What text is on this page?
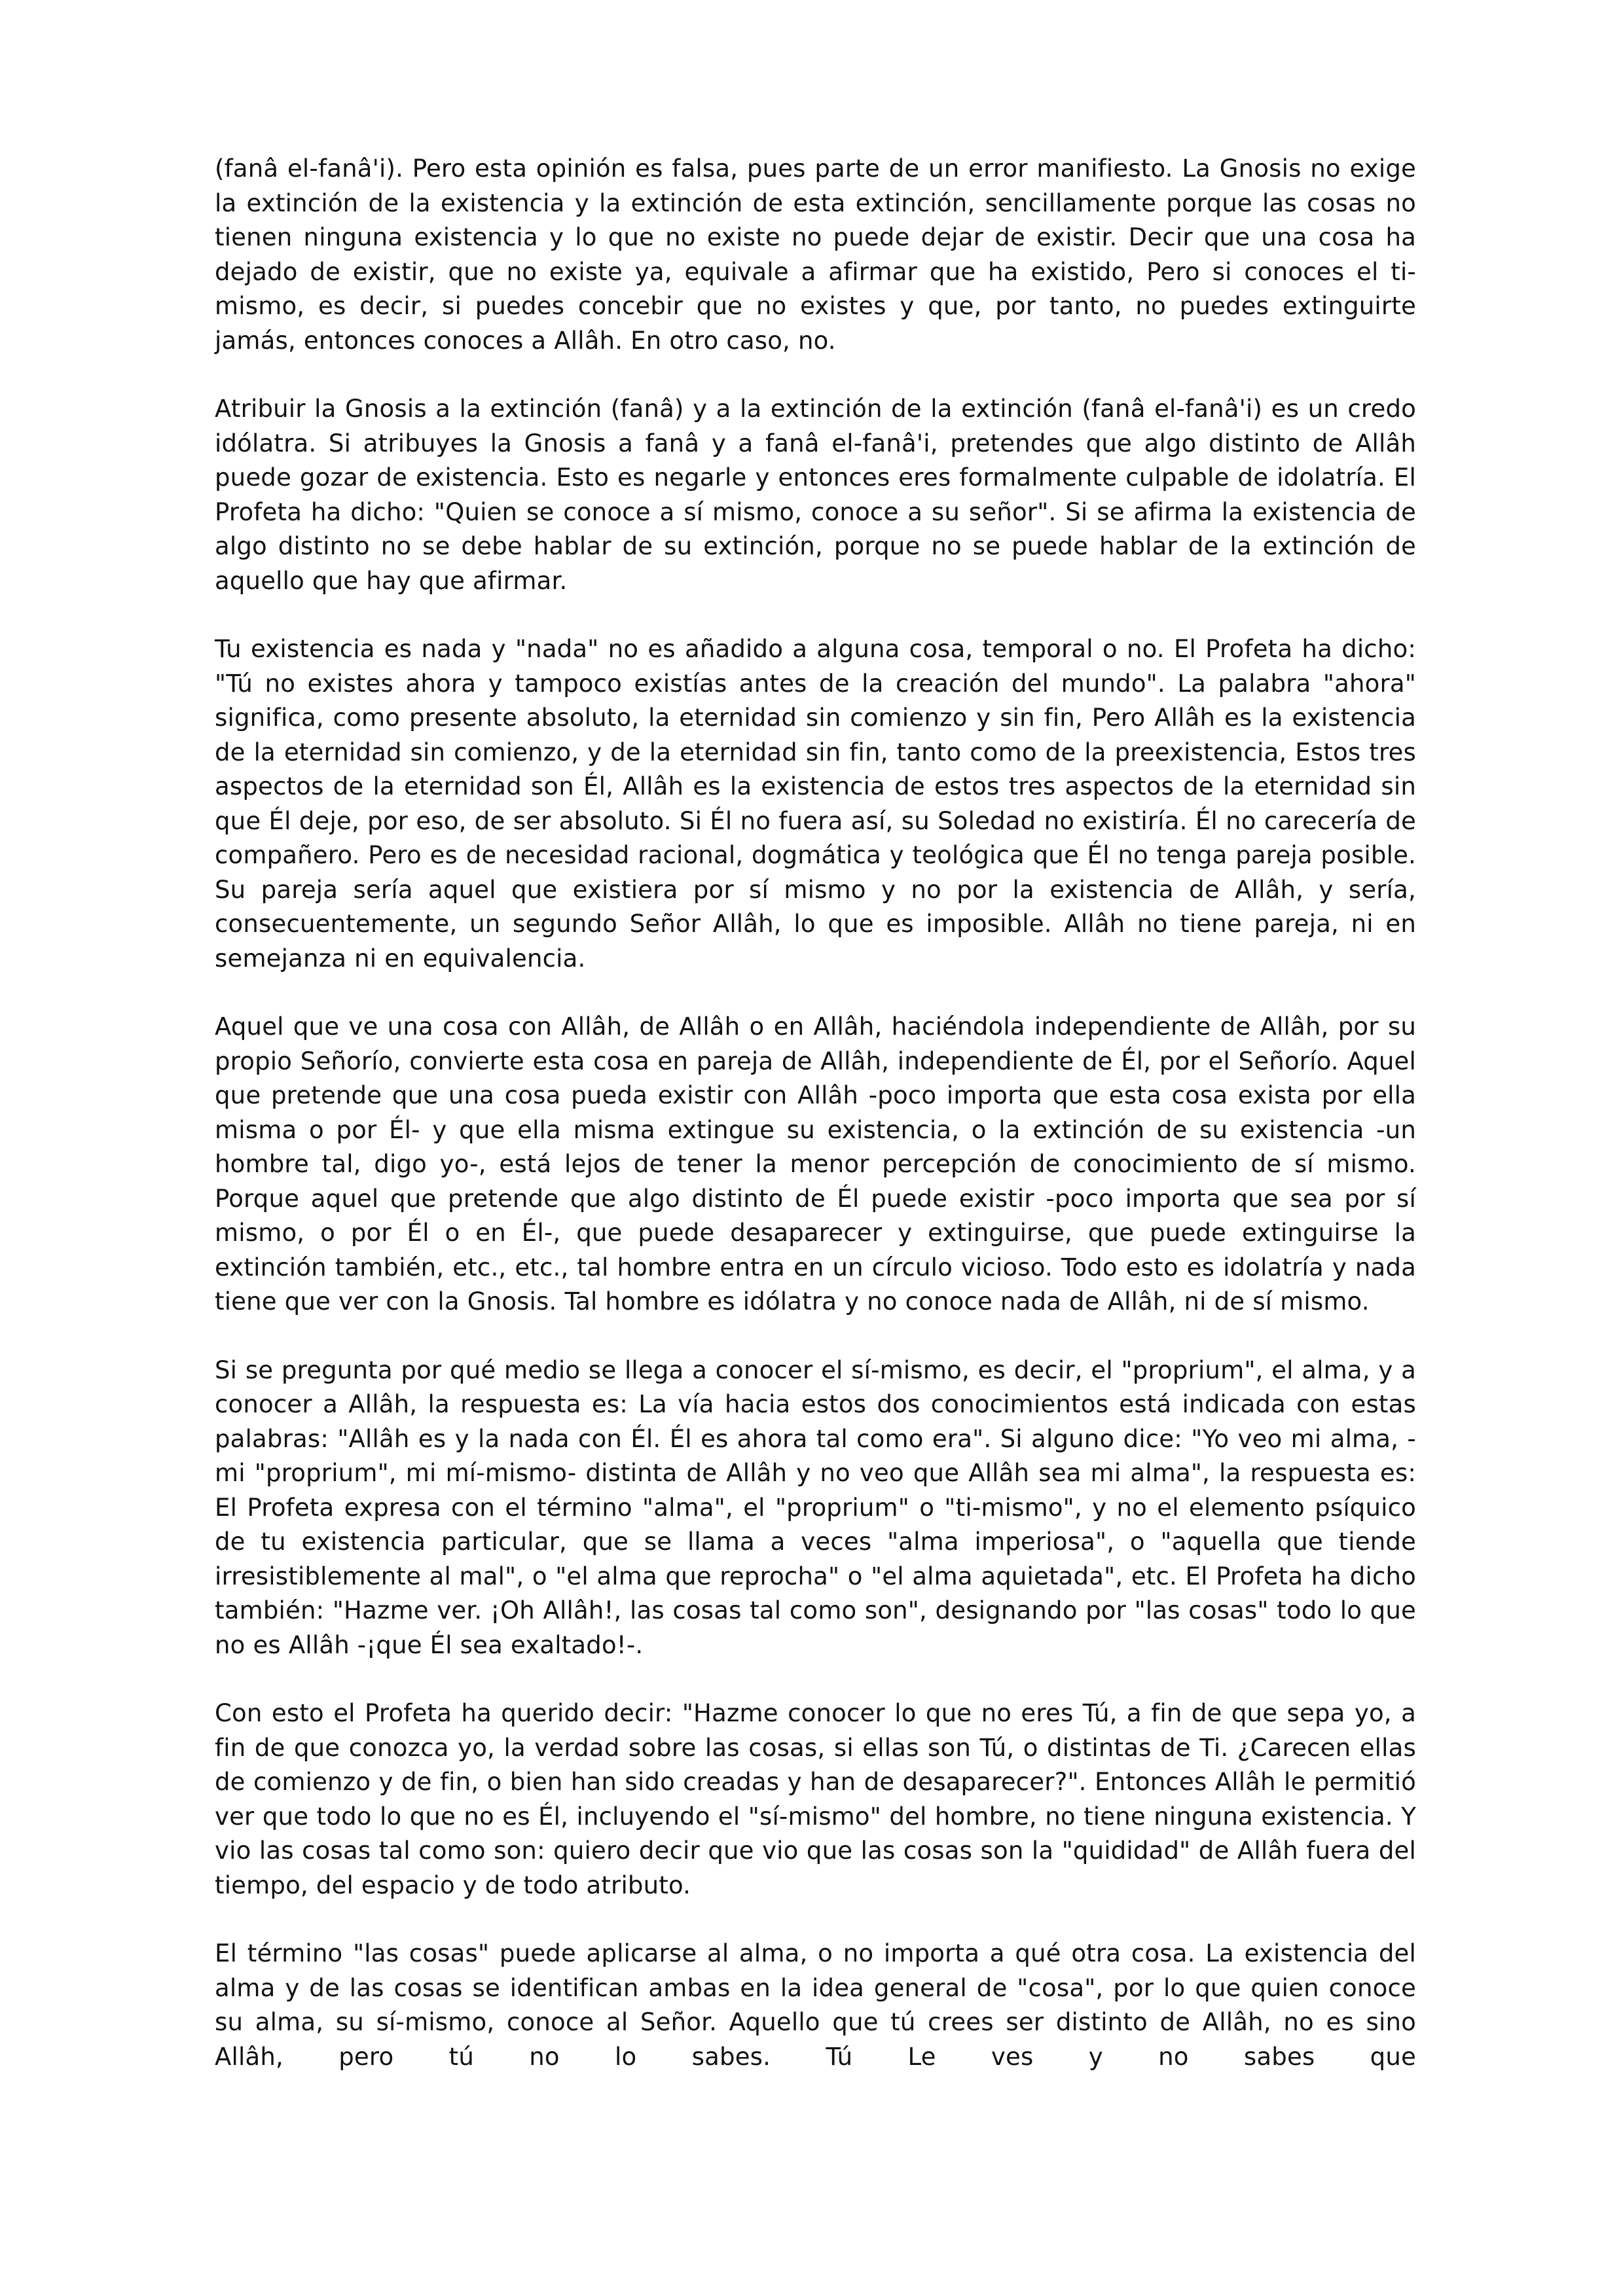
(fanâ el-fanâ'i). Pero esta opinión es falsa, pues parte de un error manifiesto. La Gnosis no exige la extinción de la existencia y la extinción de esta extinción, sencillamente porque las cosas no tienen ninguna existencia y lo que no existe no puede dejar de existir. Decir que una cosa ha dejado de existir, que no existe ya, equivale a afirmar que ha existido, Pero si conoces el ti-mismo, es decir, si puedes concebir que no existes y que, por tanto, no puedes extinguirte jamás, entonces conoces a Allâh. En otro caso, no.

Atribuir la Gnosis a la extinción (fanâ) y a la extinción de la extinción (fanâ el-fanâ'i) es un credo idólatra. Si atribuyes la Gnosis a fanâ y a fanâ el-fanâ'i, pretendes que algo distinto de Allâh puede gozar de existencia. Esto es negarle y entonces eres formalmente culpable de idolatría. El Profeta ha dicho: "Quien se conoce a sí mismo, conoce a su señor". Si se afirma la existencia de algo distinto no se debe hablar de su extinción, porque no se puede hablar de la extinción de aquello que hay que afirmar.

Tu existencia es nada y "nada" no es añadido a alguna cosa, temporal o no. El Profeta ha dicho: "Tú no existes ahora y tampoco existías antes de la creación del mundo". La palabra "ahora" significa, como presente absoluto, la eternidad sin comienzo y sin fin, Pero Allâh es la existencia de la eternidad sin comienzo, y de la eternidad sin fin, tanto como de la preexistencia, Estos tres aspectos de la eternidad son Él, Allâh es la existencia de estos tres aspectos de la eternidad sin que Él deje, por eso, de ser absoluto. Si Él no fuera así, su Soledad no existiría. Él no carecería de compañero. Pero es de necesidad racional, dogmática y teológica que Él no tenga pareja posible. Su pareja sería aquel que existiera por sí mismo y no por la existencia de Allâh, y sería, consecuentemente, un segundo Señor Allâh, lo que es imposible. Allâh no tiene pareja, ni en semejanza ni en equivalencia.

Aquel que ve una cosa con Allâh, de Allâh o en Allâh, haciéndola independiente de Allâh, por su propio Señorío, convierte esta cosa en pareja de Allâh, independiente de Él, por el Señorío. Aquel que pretende que una cosa pueda existir con Allâh -poco importa que esta cosa exista por ella misma o por Él- y que ella misma extingue su existencia, o la extinción de su existencia -un hombre tal, digo yo-, está lejos de tener la menor percepción de conocimiento de sí mismo. Porque aquel que pretende que algo distinto de Él puede existir -poco importa que sea por sí mismo, o por Él o en Él-, que puede desaparecer y extinguirse, que puede extinguirse la extinción también, etc., etc., tal hombre entra en un círculo vicioso. Todo esto es idolatría y nada tiene que ver con la Gnosis. Tal hombre es idólatra y no conoce nada de Allâh, ni de sí mismo.

Si se pregunta por qué medio se llega a conocer el sí-mismo, es decir, el "proprium", el alma, y a conocer a Allâh, la respuesta es: La vía hacia estos dos conocimientos está indicada con estas palabras: "Allâh es y la nada con Él. Él es ahora tal como era". Si alguno dice: "Yo veo mi alma, -mi "proprium", mi mí-mismo- distinta de Allâh y no veo que Allâh sea mi alma", la respuesta es: El Profeta expresa con el término "alma", el "proprium" o "ti-mismo", y no el elemento psíquico de tu existencia particular, que se llama a veces "alma imperiosa", o "aquella que tiende irresistiblemente al mal", o "el alma que reprocha" o "el alma aquietada", etc. El Profeta ha dicho también: "Hazme ver. ¡Oh Allâh!, las cosas tal como son", designando por "las cosas" todo lo que no es Allâh -¡que Él sea exaltado!-.

Con esto el Profeta ha querido decir: "Hazme conocer lo que no eres Tú, a fin de que sepa yo, a fin de que conozca yo, la verdad sobre las cosas, si ellas son Tú, o distintas de Ti. ¿Carecen ellas de comienzo y de fin, o bien han sido creadas y han de desaparecer?". Entonces Allâh le permitió ver que todo lo que no es Él, incluyendo el "sí-mismo" del hombre, no tiene ninguna existencia. Y vio las cosas tal como son: quiero decir que vio que las cosas son la "quididad" de Allâh fuera del tiempo, del espacio y de todo atributo.

El término "las cosas" puede aplicarse al alma, o no importa a qué otra cosa. La existencia del alma y de las cosas se identifican ambas en la idea general de "cosa", por lo que quien conoce su alma, su sí-mismo, conoce al Señor. Aquello que tú crees ser distinto de Allâh, no es sino Allâh, pero tú no lo sabes. Tú Le ves y no sabes que
